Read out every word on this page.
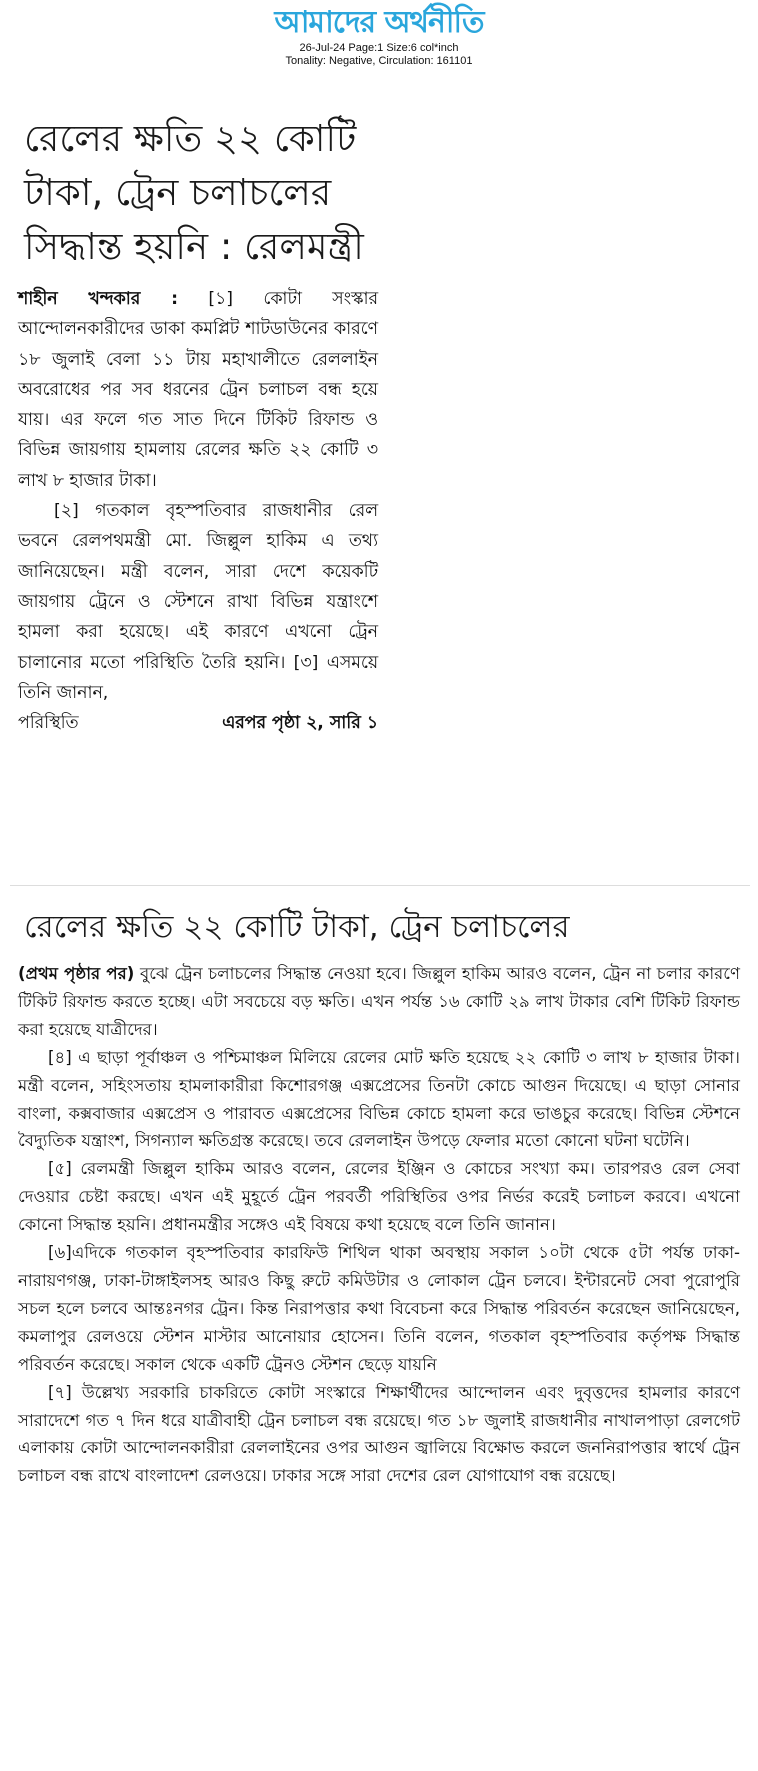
আমাদের অর্থনীতি
26-Jul-24 Page:1 Size:6 col*inch
Tonality: Negative, Circulation: 161101
রেলের ক্ষতি ২২ কোটি টাকা, ট্রেন চলাচলের সিদ্ধান্ত হয়নি : রেলমন্ত্রী

শাহীন খন্দকার : [১] কোটা সংস্কার আন্দোলনকারীদের ডাকা কমপ্লিট শাটডাউনের কারণে ১৮ জুলাই বেলা ১১ টায় মহাখালীতে রেললাইন অবরোধের পর সব ধরনের ট্রেন চলাচল বন্ধ হয়ে যায়। এর ফলে গত সাত দিনে টিকিট রিফান্ড ও বিভিন্ন জায়গায় হামলায় রেলের ক্ষতি ২২ কোটি ৩ লাখ ৮ হাজার টাকা।

[২] গতকাল বৃহস্পতিবার রাজধানীর রেল ভবনে রেলপথমন্ত্রী মো. জিল্লুল হাকিম এ তথ্য জানিয়েছেন। মন্ত্রী বলেন, সারা দেশে কয়েকটি জায়গায় ট্রেনে ও স্টেশনে রাখা বিভিন্ন যন্ত্রাংশে হামলা করা হয়েছে। এই কারণে এখনো ট্রেন চালানোর মতো পরিস্থিতি তৈরি হয়নি। [৩] এসময়ে তিনি জানান,

পরিস্থিতি	এরপর পৃষ্ঠা ২, সারি ১
রেলের ক্ষতি ২২ কোটি টাকা, ট্রেন চলাচলের

(প্রথম পৃষ্ঠার পর) বুঝে ট্রেন চলাচলের সিদ্ধান্ত নেওয়া হবে। জিল্লুল হাকিম আরও বলেন, ট্রেন না চলার কারণে টিকিট রিফান্ড করতে হচ্ছে। এটা সবচেয়ে বড় ক্ষতি। এখন পর্যন্ত ১৬ কোটি ২৯ লাখ টাকার বেশি টিকিট রিফান্ড করা হয়েছে যাত্রীদের।

[৪] এ ছাড়া পূর্বাঞ্চল ও পশ্চিমাঞ্চল মিলিয়ে রেলের মোট ক্ষতি হয়েছে ২২ কোটি ৩ লাখ ৮ হাজার টাকা। মন্ত্রী বলেন, সহিংসতায় হামলাকারীরা কিশোরগঞ্জ এক্সপ্রেসের তিনটা কোচে আগুন দিয়েছে। এ ছাড়া সোনার বাংলা, কক্সবাজার এক্সপ্রেস ও পারাবত এক্সপ্রেসের বিভিন্ন কোচে হামলা করে ভাঙচুর করেছে। বিভিন্ন স্টেশনে বৈদ্যুতিক যন্ত্রাংশ, সিগন্যাল ক্ষতিগ্রস্ত করেছে। তবে রেললাইন উপড়ে ফেলার মতো কোনো ঘটনা ঘটেনি।

[৫] রেলমন্ত্রী জিল্লুল হাকিম আরও বলেন, রেলের ইঞ্জিন ও কোচের সংখ্যা কম। তারপরও রেল সেবা দেওয়ার চেষ্টা করছে। এখন এই মুহূর্তে ট্রেন পরবর্তী পরিস্থিতির ওপর নির্ভর করেই চলাচল করবে। এখনো কোনো সিদ্ধান্ত হয়নি। প্রধানমন্ত্রীর সঙ্গেও এই বিষয়ে কথা হয়েছে বলে তিনি জানান।

[৬]এদিকে গতকাল বৃহস্পতিবার কারফিউ শিথিল থাকা অবস্থায় সকাল ১০টা থেকে ৫টা পর্যন্ত ঢাকা-নারায়ণগঞ্জ, ঢাকা-টাঙ্গাইলসহ আরও কিছু রুটে কমিউটার ও লোকাল ট্রেন চলবে। ইন্টারনেট সেবা পুরোপুরি সচল হলে চলবে আন্তঃনগর ট্রেন। কিন্ত নিরাপত্তার কথা বিবেচনা করে সিদ্ধান্ত পরিবর্তন করেছেন জানিয়েছেন, কমলাপুর রেলওয়ে স্টেশন মাস্টার আনোয়ার হোসেন। তিনি বলেন, গতকাল বৃহস্পতিবার কর্তৃপক্ষ সিদ্ধান্ত পরিবর্তন করেছে। সকাল থেকে একটি ট্রেনও স্টেশন ছেড়ে যায়নি

[৭] উল্লেখ্য সরকারি চাকরিতে কোটা সংস্কারে শিক্ষার্থীদের আন্দোলন এবং দুবৃত্তদের হামলার কারণে সারাদেশে গত ৭ দিন ধরে যাত্রীবাহী ট্রেন চলাচল বন্ধ রয়েছে। গত ১৮ জুলাই রাজধানীর নাখালপাড়া রেলগেট এলাকায় কোটা আন্দোলনকারীরা রেললাইনের ওপর আগুন জ্বালিয়ে বিক্ষোভ করলে জননিরাপত্তার স্বার্থে ট্রেন চলাচল বন্ধ রাখে বাংলাদেশ রেলওয়ে। ঢাকার সঙ্গে সারা দেশের রেল যোগাযোগ বন্ধ রয়েছে।
